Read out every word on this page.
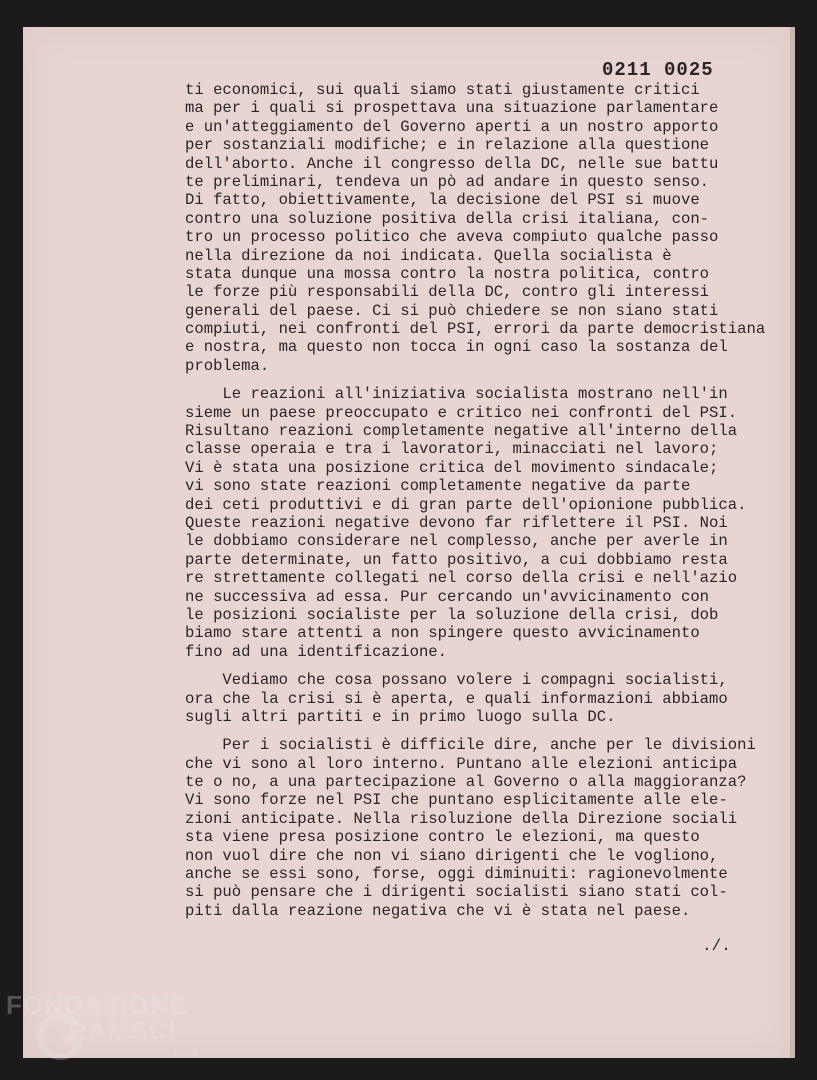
0211 0025
ti economici, sui quali siamo stati giustamente critici
ma per i quali si prospettava una situazione parlamentare
e un'atteggiamento del Governo aperti a un nostro apporto
per sostanziali modifiche; e in relazione alla questione
dell'aborto. Anche il congresso della DC, nelle sue battu
te preliminari, tendeva un pò ad andare in questo senso.
Di fatto, obiettivamente, la decisione del PSI si muove
contro una soluzione positiva della crisi italiana, con-
tro un processo politico che aveva compiuto qualche passo
nella direzione da noi indicata. Quella socialista è
stata dunque una mossa contro la nostra politica, contro
le forze più responsabili della DC, contro gli interessi
generali del paese. Ci si può chiedere se non siano stati
compiuti, nei confronti del PSI, errori da parte democristiana
e nostra, ma questo non tocca in ogni caso la sostanza del
problema.
Le reazioni all'iniziativa socialista mostrano nell'in
sieme un paese preoccupato e critico nei confronti del PSI.
Risultano reazioni completamente negative all'interno della
classe operaia e tra i lavoratori, minacciati nel lavoro;
Vi è stata una posizione critica del movimento sindacale;
vi sono state reazioni completamente negative da parte
dei ceti produttivi e di gran parte dell'opionione pubblica.
Queste reazioni negative devono far riflettere il PSI. Noi
le dobbiamo considerare nel complesso, anche per averle in
parte determinate, un fatto positivo, a cui dobbiamo resta
re strettamente collegati nel corso della crisi e nell'azio
ne successiva ad essa. Pur cercando un'avvicinamento con
le posizioni socialiste per la soluzione della crisi, dob
biamo stare attenti a non spingere questo avvicinamento
fino ad una identificazione.
Vediamo che cosa possano volere i compagni socialisti,
ora che la crisi si è aperta, e quali informazioni abbiamo
sugli altri partiti e in primo luogo sulla DC.
Per i socialisti è difficile dire, anche per le divisioni
che vi sono al loro interno. Puntano alle elezioni anticipa
te o no, a una partecipazione al Governo o alla maggioranza?
Vi sono forze nel PSI che puntano esplicitamente alle ele-
zioni anticipate. Nella risoluzione della Direzione sociali
sta viene presa posizione contro le elezioni, ma questo
non vuol dire che non vi siano dirigenti che le vogliono,
anche se essi sono, forse, oggi diminuiti: ragionevolmente
si può pensare che i dirigenti socialisti siano stati col-
piti dalla reazione negativa che vi è stata nel paese.
./.
FONDAZIONE
RAMSCI
onlus
